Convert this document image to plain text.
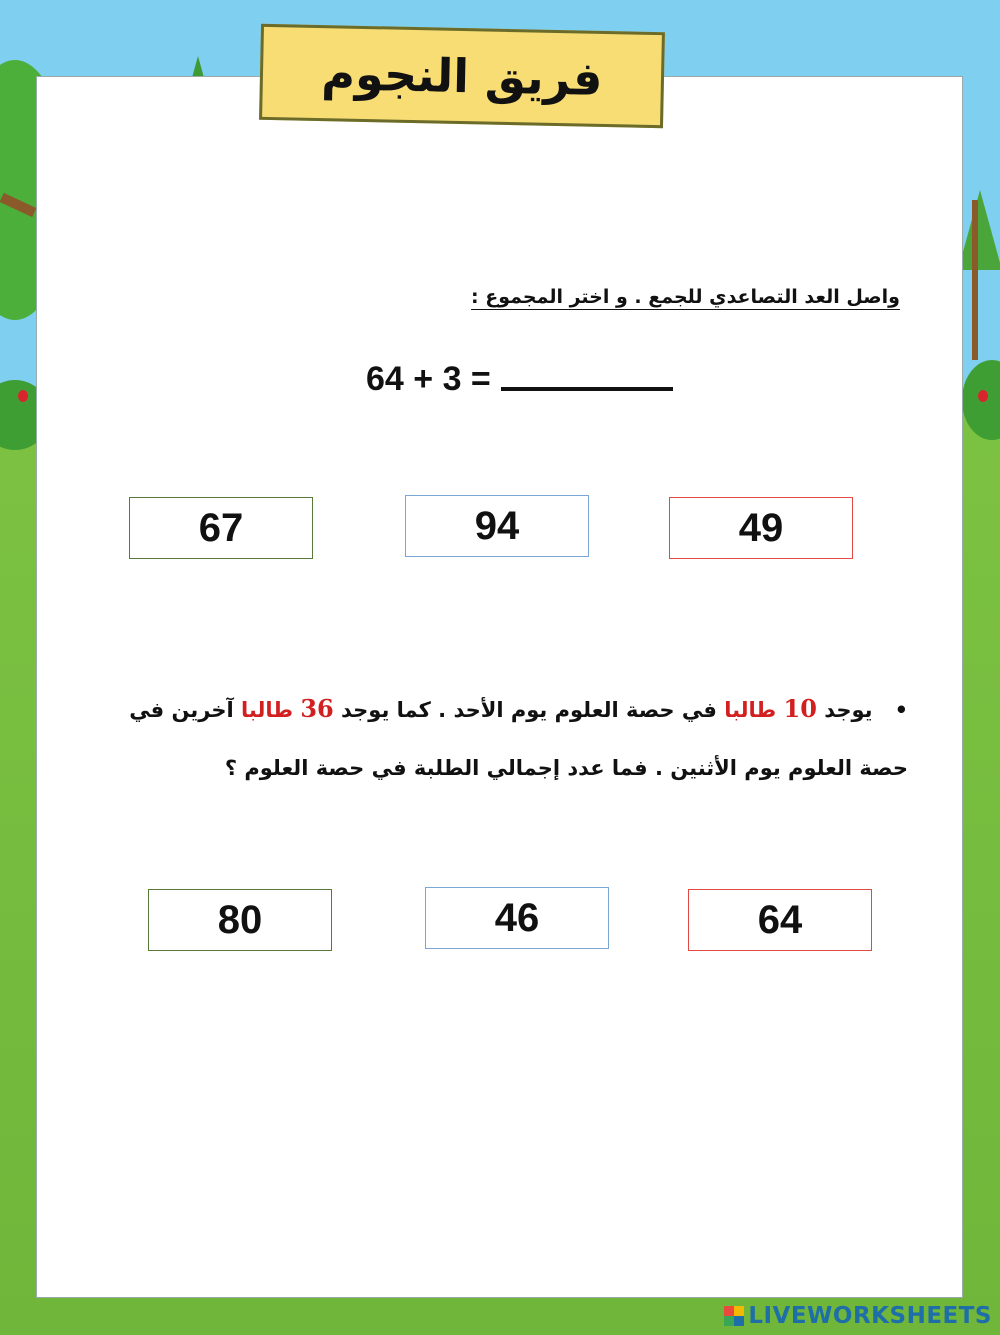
فريق النجوم
واصل العد التصاعدي للجمع . و اختر المجموع :
64 + 3 =
67	94	49
•يوجد 10 طالبا في حصة العلوم يوم الأحد . كما يوجد 36 طالبا آخرين في حصة العلوم يوم الأثنين . فما عدد إجمالي الطلبة في حصة العلوم ؟
80	46	64
LIVEWORKSHEETS
